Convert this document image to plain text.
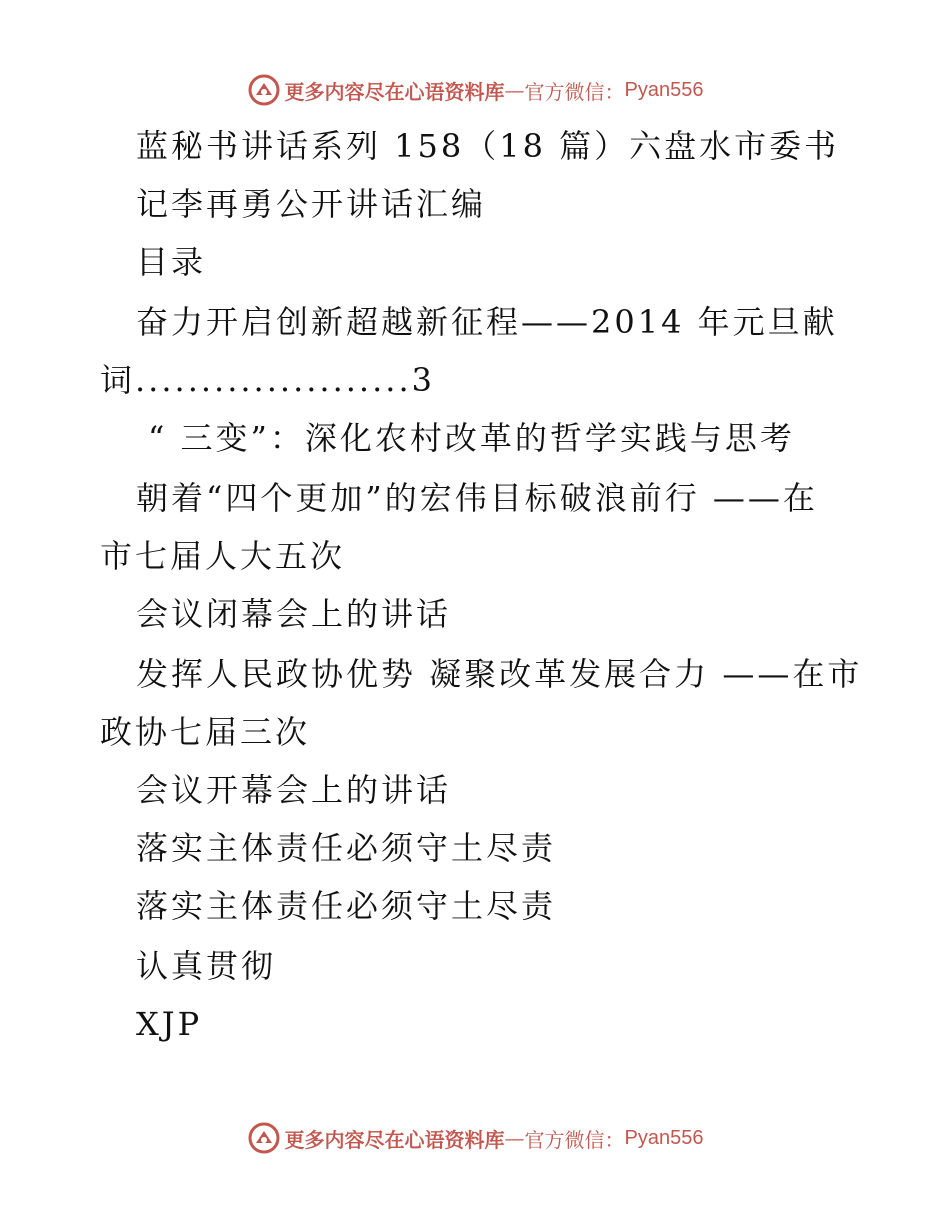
更多内容尽在心语资料库 — 官方微信： Pyan556
蓝秘书讲话系列 158（18 篇）六盘水市委书
记李再勇公开讲话汇编
目录
奋力开启创新超越新征程——2014 年元旦献
词.....................3
“ 三变”：深化农村改革的哲学实践与思考
朝着“四个更加”的宏伟目标破浪前行 ——在
市七届人大五次
会议闭幕会上的讲话
发挥人民政协优势 凝聚改革发展合力 ——在市
政协七届三次
会议开幕会上的讲话
落实主体责任必须守土尽责
落实主体责任必须守土尽责
认真贯彻
XJP
更多内容尽在心语资料库 — 官方微信： Pyan556
